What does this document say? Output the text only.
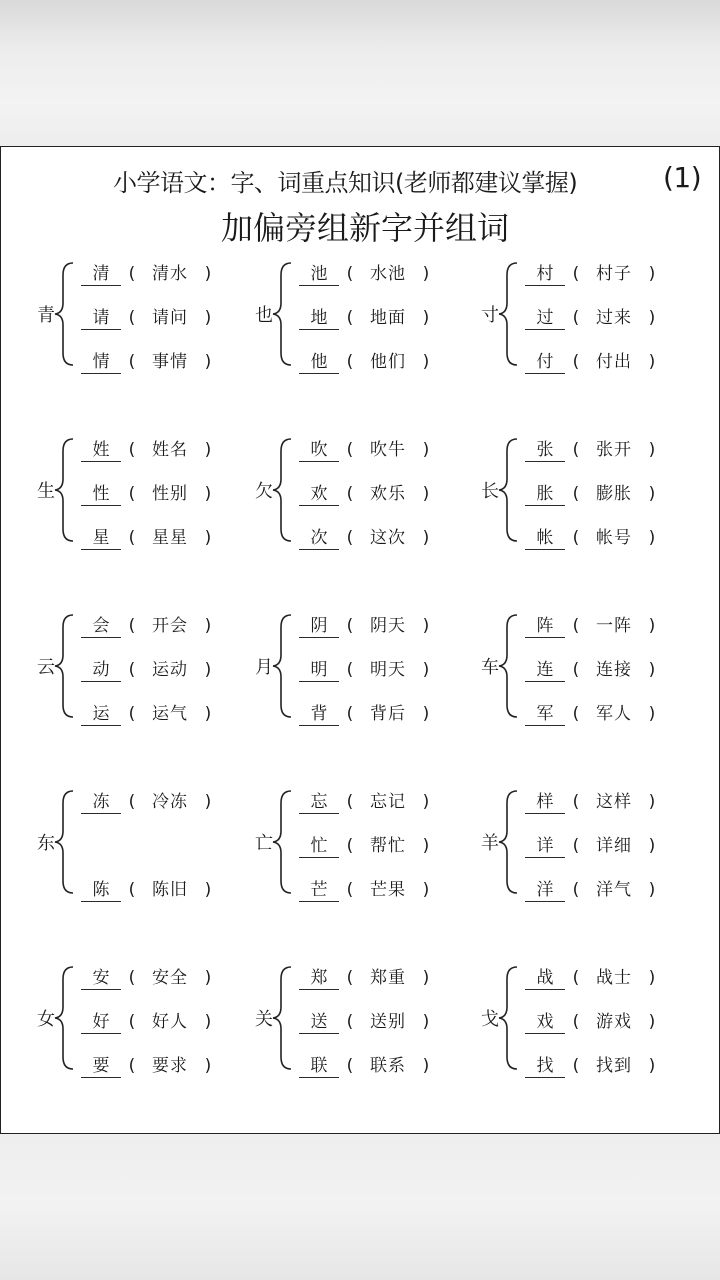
小学语文：字、词重点知识(老师都建议掌握)	(1)
加偏旁组新字并组词
青
清 ( 清水 )
请 ( 请问 )
情 ( 事情 )
也
池 ( 水池 )
地 ( 地面 )
他 ( 他们 )
寸
村 ( 村子 )
过 ( 过来 )
付 ( 付出 )
生
姓 ( 姓名 )
性 ( 性别 )
星 ( 星星 )
欠
吹 ( 吹牛 )
欢 ( 欢乐 )
次 ( 这次 )
长
张 ( 张开 )
胀 ( 膨胀 )
帐 ( 帐号 )
云
会 ( 开会 )
动 ( 运动 )
运 ( 运气 )
月
阴 ( 阴天 )
明 ( 明天 )
背 ( 背后 )
车
阵 ( 一阵 )
连 ( 连接 )
军 ( 军人 )
东
冻 ( 冷冻 )
陈 ( 陈旧 )
亡
忘 ( 忘记 )
忙 ( 帮忙 )
芒 ( 芒果 )
羊
样 ( 这样 )
详 ( 详细 )
洋 ( 洋气 )
女
安 ( 安全 )
好 ( 好人 )
要 ( 要求 )
关
郑 ( 郑重 )
送 ( 送别 )
联 ( 联系 )
戈
战 ( 战士 )
戏 ( 游戏 )
找 ( 找到 )
